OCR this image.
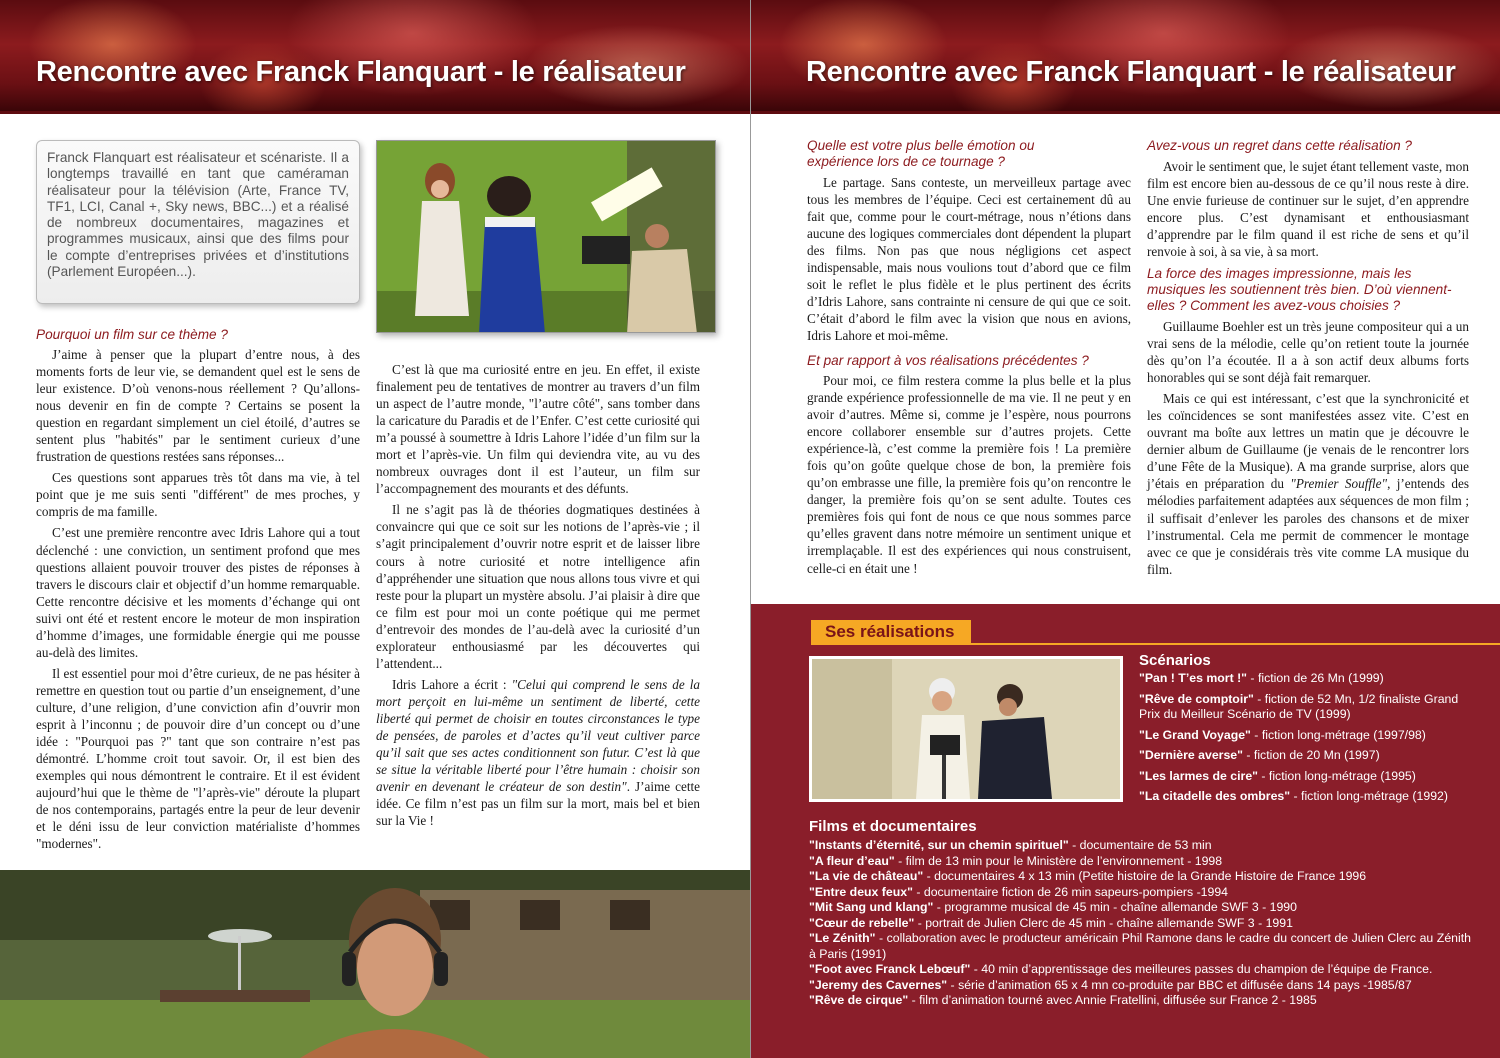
Rencontre avec Franck Flanquart - le réalisateur
Franck Flanquart est réalisateur et scénariste. Il a longtemps travaillé en tant que caméraman réalisateur pour la télévision (Arte, France TV, TF1, LCI, Canal +, Sky news, BBC...) et a réalisé de nombreux documentaires, magazines et programmes musicaux, ainsi que des films pour le compte d’entreprises privées et d’institutions (Parlement Européen...).
Pourquoi un film sur ce thème ?

J’aime à penser que la plupart d’entre nous, à des moments forts de leur vie, se demandent quel est le sens de leur existence. D’où venons-nous réellement ? Qu’allons-nous devenir en fin de compte ? Certains se posent la question en regardant simplement un ciel étoilé, d’autres se sentent plus "habités" par le sentiment curieux d’une frustration de questions restées sans réponses...

Ces questions sont apparues très tôt dans ma vie, à tel point que je me suis senti "différent" de mes proches, y compris de ma famille.

C’est une première rencontre avec Idris Lahore qui a tout déclenché : une conviction, un sentiment profond que mes questions allaient pouvoir trouver des pistes de réponses à travers le discours clair et objectif d’un homme remarquable. Cette rencontre décisive et les moments d’échange qui ont suivi ont été et restent encore le moteur de mon inspiration d’homme d’images, une formidable énergie qui me pousse au-delà des limites.

Il est essentiel pour moi d’être curieux, de ne pas hésiter à remettre en question tout ou partie d’un enseignement, d’une culture, d’une religion, d’une conviction afin d’ouvrir mon esprit à l’inconnu ; de pouvoir dire d’un concept ou d’une idée : "Pourquoi pas ?" tant que son contraire n’est pas démontré. L’homme croit tout savoir. Or, il est bien des exemples qui nous démontrent le contraire. Et il est évident aujourd’hui que le thème de "l’après-vie" déroute la plupart de nos contemporains, partagés entre la peur de leur devenir et le déni issu de leur conviction matérialiste d’hommes "modernes".

C’est là que ma curiosité entre en jeu. En effet, il existe finalement peu de tentatives de montrer au travers d’un film un aspect de l’autre monde, "l’autre côté", sans tomber dans la caricature du Paradis et de l’Enfer. C’est cette curiosité qui m’a poussé à soumettre à Idris Lahore l’idée d’un film sur la mort et l’après-vie. Un film qui deviendra vite, au vu des nombreux ouvrages dont il est l’auteur, un film sur l’accompagnement des mourants et des défunts.

Il ne s’agit pas là de théories dogmatiques destinées à convaincre qui que ce soit sur les notions de l’après-vie ; il s’agit principalement d’ouvrir notre esprit et de laisser libre cours à notre curiosité et notre intelligence afin d’appréhender une situation que nous allons tous vivre et qui reste pour la plupart un mystère absolu. J’ai plaisir à dire que ce film est pour moi un conte poétique qui me permet d’entrevoir des mondes de l’au-delà avec la curiosité d’un explorateur enthousiasmé par les découvertes qui l’attendent...

Idris Lahore a écrit : "Celui qui comprend le sens de la mort perçoit en lui-même un sentiment de liberté, cette liberté qui permet de choisir en toutes circonstances le type de pensées, de paroles et d’actes qu’il veut cultiver parce qu’il sait que ses actes conditionnent son futur. C’est là que se situe la véritable liberté pour l’être humain : choisir son avenir en devenant le créateur de son destin". J’aime cette idée. Ce film n’est pas un film sur la mort, mais bel et bien sur la Vie !

Rencontre avec Franck Flanquart - le réalisateur
Quelle est votre plus belle émotion ou expérience lors de ce tournage ?

Le partage. Sans conteste, un merveilleux partage avec tous les membres de l’équipe. Ceci est certainement dû au fait que, comme pour le court-métrage, nous n’étions dans aucune des logiques commerciales dont dépendent la plupart des films. Non pas que nous négligions cet aspect indispensable, mais nous voulions tout d’abord que ce film soit le reflet le plus fidèle et le plus pertinent des écrits d’Idris Lahore, sans contrainte ni censure de qui que ce soit. C’était d’abord le film avec la vision que nous en avions, Idris Lahore et moi-même.

Et par rapport à vos réalisations précédentes ?

Pour moi, ce film restera comme la plus belle et la plus grande expérience professionnelle de ma vie. Il ne peut y en avoir d’autres. Même si, comme je l’espère, nous pourrons encore collaborer ensemble sur d’autres projets. Cette expérience-là, c’est comme la première fois ! La première fois qu’on goûte quelque chose de bon, la première fois qu’on embrasse une fille, la première fois qu’on rencontre le danger, la première fois qu’on se sent adulte. Toutes ces premières fois qui font de nous ce que nous sommes parce qu’elles gravent dans notre mémoire un sentiment unique et irremplaçable. Il est des expériences qui nous construisent, celle-ci en était une !

Avez-vous un regret dans cette réalisation ?

Avoir le sentiment que, le sujet étant tellement vaste, mon film est encore bien au-dessous de ce qu’il nous reste à dire. Une envie furieuse de continuer sur le sujet, d’en apprendre encore plus. C’est dynamisant et enthousiasmant d’apprendre par le film quand il est riche de sens et qu’il renvoie à soi, à sa vie, à sa mort.

La force des images impressionne, mais les musiques les soutiennent très bien. D’où viennent-elles ? Comment les avez-vous choisies ?

Guillaume Boehler est un très jeune compositeur qui a un vrai sens de la mélodie, celle qu’on retient toute la journée dès qu’on l’a écoutée. Il a à son actif deux albums forts honorables qui se sont déjà fait remarquer.

Mais ce qui est intéressant, c’est que la synchronicité et les coïncidences se sont manifestées assez vite. C’est en ouvrant ma boîte aux lettres un matin que je découvre le dernier album de Guillaume (je venais de le rencontrer lors d’une Fête de la Musique). A ma grande surprise, alors que j’étais en préparation du "Premier Souffle", j’entends des mélodies parfaitement adaptées aux séquences de mon film ; il suffisait d’enlever les paroles des chansons et de mixer l’instrumental. Cela me permit de commencer le montage avec ce que je considérais très vite comme LA musique du film.

Ses réalisations
Scénarios
"Pan ! T’es mort !" - fiction de 26 Mn (1999)
"Rêve de comptoir" - fiction de 52 Mn, 1/2 finaliste Grand Prix du Meilleur Scénario de TV (1999)
"Le Grand Voyage" - fiction long-métrage (1997/98)
"Dernière averse" - fiction de 20 Mn (1997)
"Les larmes de cire" - fiction long-métrage (1995)
"La citadelle des ombres" - fiction long-métrage (1992)
Films et documentaires
"Instants d’éternité, sur un chemin spirituel" - documentaire de 53 min
"A fleur d’eau" - film de 13 min pour le Ministère de l’environnement - 1998
"La vie de château" - documentaires 4 x 13 min (Petite histoire de la Grande Histoire de France 1996
"Entre deux feux" - documentaire fiction de 26 min sapeurs-pompiers -1994
"Mit Sang und klang" - programme musical de 45 min - chaîne allemande SWF 3 - 1990
"Cœur de rebelle" - portrait de Julien Clerc de 45 min - chaîne allemande SWF 3 - 1991
"Le Zénith" - collaboration avec le producteur américain Phil Ramone dans le cadre du concert de Julien Clerc au Zénith à Paris (1991)
"Foot avec Franck Lebœuf" - 40 min d’apprentissage des meilleures passes du champion de l’équipe de France.
"Jeremy des Cavernes" - série d’animation 65 x 4 mn co-produite par BBC et diffusée dans 14 pays -1985/87
"Rêve de cirque" - film d’animation tourné avec Annie Fratellini, diffusée sur France 2 - 1985
